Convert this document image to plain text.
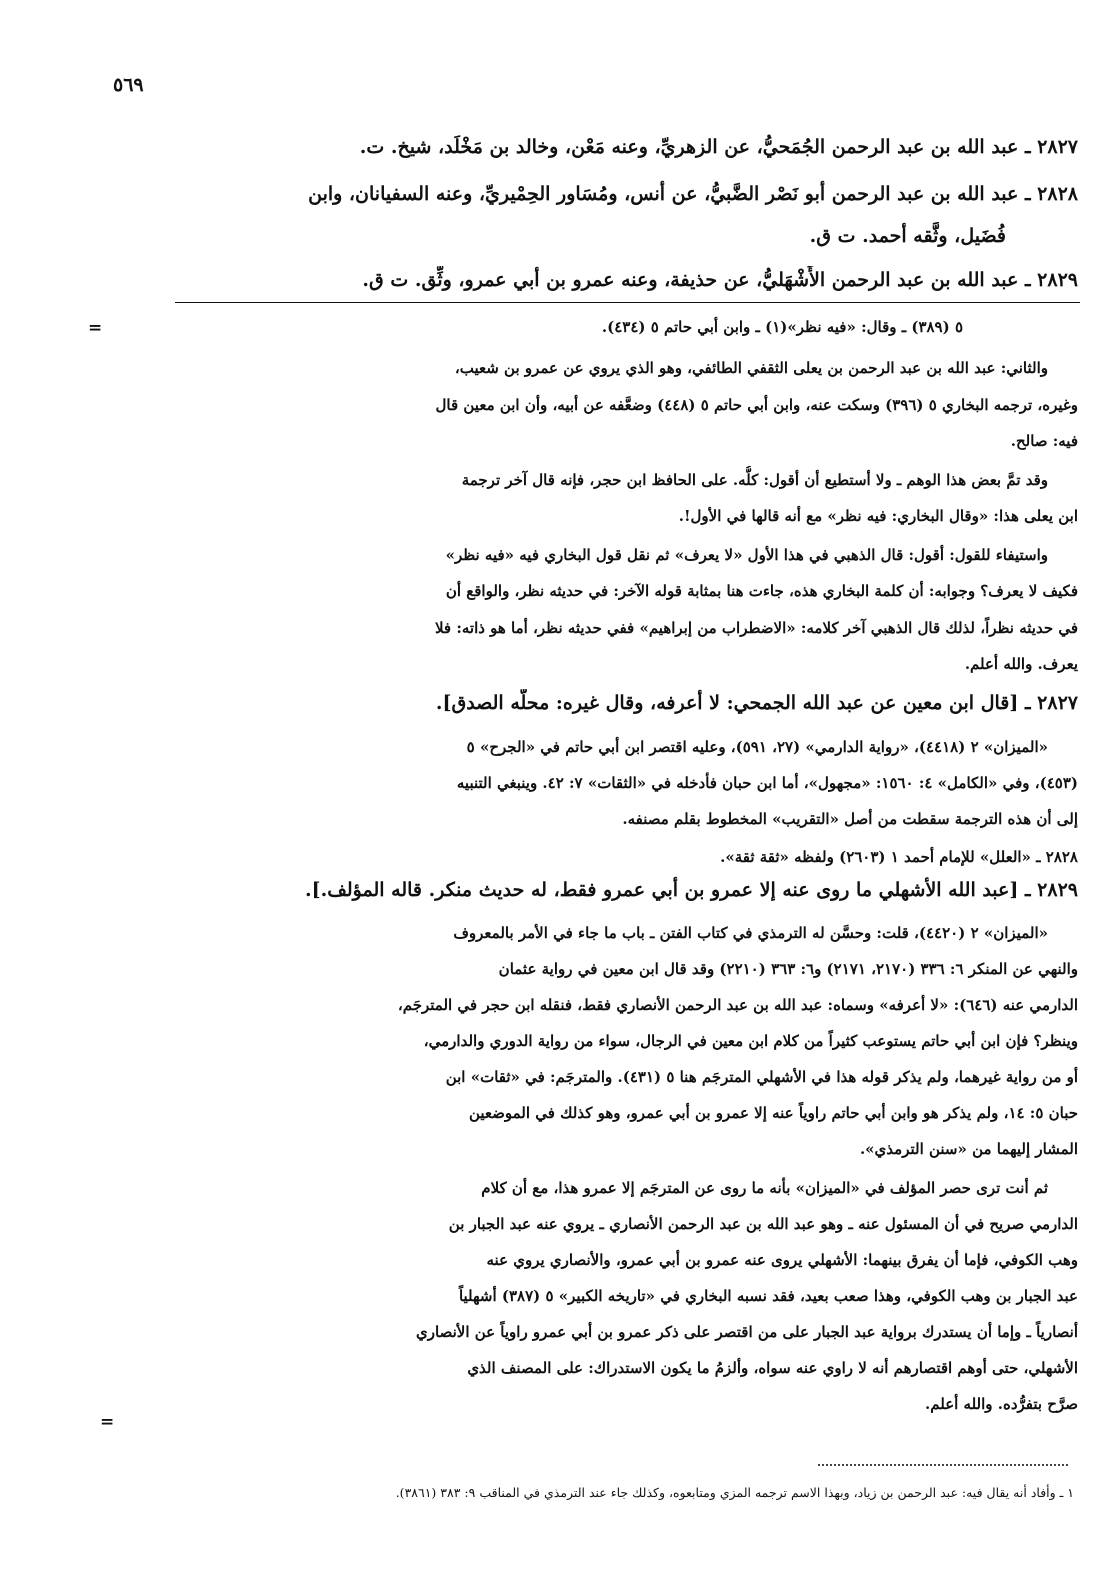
٥٦٩
٢٨٢٧ ـ عبد الله بن عبد الرحمن الجُمَحيُّ، عن الزهريِّ، وعنه مَعْن، وخالد بن مَخْلَد، شيخ. ت.
٢٨٢٨ ـ عبد الله بن عبد الرحمن أبو نَصْر الضَّبيُّ، عن أنس، ومُسَاور الحِمْيريِّ، وعنه السفيانان، وابن
فُضَيل، وثَّقه أحمد. ت ق.
٢٨٢٩ ـ عبد الله بن عبد الرحمن الأَشْهَليُّ، عن حذيفة، وعنه عمرو بن أبي عمرو، وثِّق. ت ق.
٥ (٣٨٩) ـ وقال: «فيه نظر»(١) ـ وابن أبي حاتم ٥ (٤٣٤).
والثاني: عبد الله بن عبد الرحمن بن يعلى الثقفي الطائفي، وهو الذي يروي عن عمرو بن شعيب،
وغيره، ترجمه البخاري ٥ (٣٩٦) وسكت عنه، وابن أبي حاتم ٥ (٤٤٨) وضعَّفه عن أبيه، وأن ابن معين قال
فيه: صالح.
وقد تمَّ بعض هذا الوهم ـ ولا أستطيع أن أقول: كلُّه. على الحافظ ابن حجر، فإنه قال آخر ترجمة
ابن يعلى هذا: «وقال البخاري: فيه نظر» مع أنه قالها في الأول!.
واستيفاء للقول: أقول: قال الذهبي في هذا الأول «لا يعرف» ثم نقل قول البخاري فيه «فيه نظر»
فكيف لا يعرف؟ وجوابه: أن كلمة البخاري هذه، جاءت هنا بمثابة قوله الآخر: في حديثه نظر، والواقع أن
في حديثه نظراً، لذلك قال الذهبي آخر كلامه: «الاضطراب من إبراهيم» ففي حديثه نظر، أما هو ذاته: فلا
يعرف. والله أعلم.
٢٨٢٧ ـ [قال ابن معين عن عبد الله الجمحي: لا أعرفه، وقال غيره: محلُّه الصدق].
«الميزان» ٢ (٤٤١٨)، «رواية الدارمي» (٢٧، ٥٩١)، وعليه اقتصر ابن أبي حاتم في «الجرح» ٥
(٤٥٣)، وفي «الكامل» ٤: ١٥٦٠: «مجهول»، أما ابن حبان فأدخله في «الثقات» ٧: ٤٢. وينبغي التنبيه
إلى أن هذه الترجمة سقطت من أصل «التقريب» المخطوط بقلم مصنفه.
٢٨٢٨ ـ «العلل» للإمام أحمد ١ (٢٦٠٣) ولفظه «ثقة ثقة».
٢٨٢٩ ـ [عبد الله الأشهلي ما روى عنه إلا عمرو بن أبي عمرو فقط، له حديث منكر. قاله المؤلف.].
«الميزان» ٢ (٤٤٢٠)، قلت: وحسَّن له الترمذي في كتاب الفتن ـ باب ما جاء في الأمر بالمعروف
والنهي عن المنكر ٦: ٣٣٦ (٢١٧٠، ٢١٧١) و٦: ٣٦٣ (٢٢١٠) وقد قال ابن معين في رواية عثمان
الدارمي عنه (٦٤٦): «لا أعرفه» وسماه: عبد الله بن عبد الرحمن الأنصاري فقط، فنقله ابن حجر في المترجَم،
وينظر؟ فإن ابن أبي حاتم يستوعب كثيراً من كلام ابن معين في الرجال، سواء من رواية الدوري والدارمي،
أو من رواية غيرهما، ولم يذكر قوله هذا في الأشهلي المترجَم هنا ٥ (٤٣١). والمترجَم: في «ثقات» ابن
حبان ٥: ١٤، ولم يذكر هو وابن أبي حاتم راوياً عنه إلا عمرو بن أبي عمرو، وهو كذلك في الموضعين
المشار إليهما من «سنن الترمذي».
ثم أنت ترى حصر المؤلف في «الميزان» بأنه ما روى عن المترجَم إلا عمرو هذا، مع أن كلام
الدارمي صريح في أن المسئول عنه ـ وهو عبد الله بن عبد الرحمن الأنصاري ـ يروي عنه عبد الجبار بن
وهب الكوفي، فإما أن يفرق بينهما: الأشهلي يروى عنه عمرو بن أبي عمرو، والأنصاري يروي عنه
عبد الجبار بن وهب الكوفي، وهذا صعب بعيد، فقد نسبه البخاري في «تاريخه الكبير» ٥ (٣٨٧) أشهلياً
أنصارياً ـ وإما أن يستدرك برواية عبد الجبار على من اقتصر على ذكر عمرو بن أبي عمرو راوياً عن الأنصاري
الأشهلي، حتى أوهم اقتصارهم أنه لا راوي عنه سواه، وألزمُ ما يكون الاستدراك: على المصنف الذي
صرَّح بتفرُّده. والله أعلم.
=
=
١ ـ وأفاد أنه يقال فيه: عبد الرحمن بن زياد، وبهذا الاسم ترجمه المزي ومتابعوه، وكذلك جاء عند الترمذي في المناقب ٩: ٣٨٣ (٣٨٦١).
